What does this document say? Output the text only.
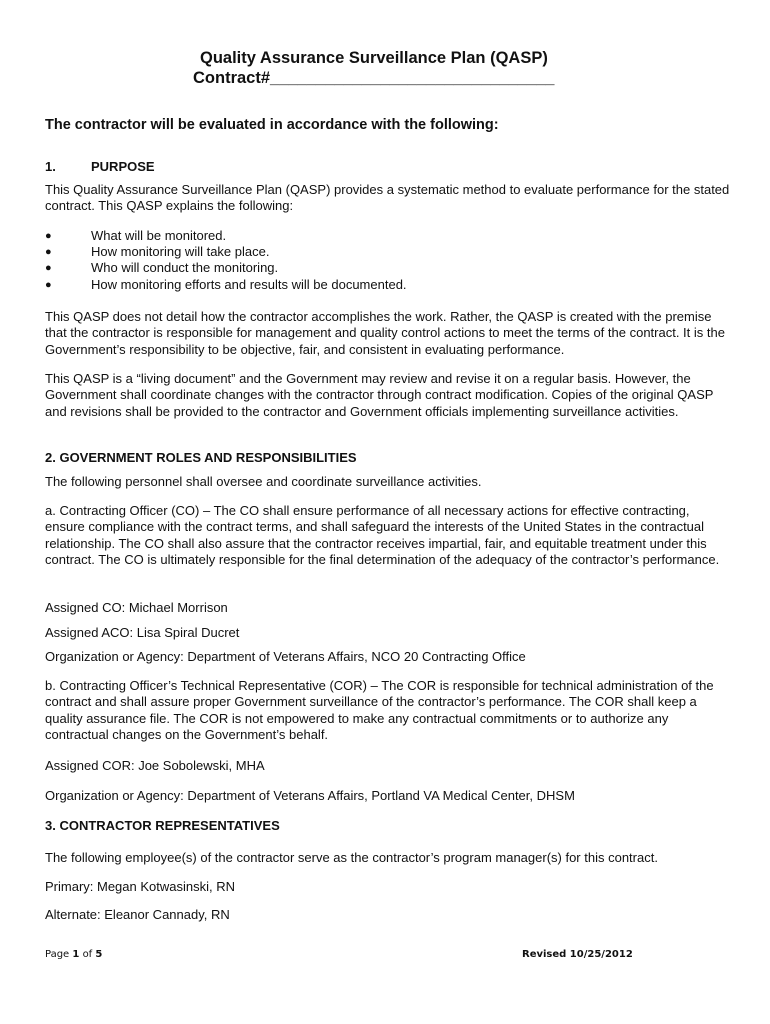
Quality Assurance Surveillance Plan (QASP)
Contract#_______________________________
The contractor will be evaluated in accordance with the following:
1.	PURPOSE
This Quality Assurance Surveillance Plan (QASP) provides a systematic method to evaluate performance for the stated contract. This QASP explains the following:
●	What will be monitored.
●	How monitoring will take place.
●	Who will conduct the monitoring.
●	How monitoring efforts and results will be documented.
This QASP does not detail how the contractor accomplishes the work. Rather, the QASP is created with the premise that the contractor is responsible for management and quality control actions to meet the terms of the contract. It is the Government’s responsibility to be objective, fair, and consistent in evaluating performance.
This QASP is a “living document” and the Government may review and revise it on a regular basis. However, the Government shall coordinate changes with the contractor through contract modification. Copies of the original QASP and revisions shall be provided to the contractor and Government officials implementing surveillance activities.
2. GOVERNMENT ROLES AND RESPONSIBILITIES
The following personnel shall oversee and coordinate surveillance activities.
a. Contracting Officer (CO) – The CO shall ensure performance of all necessary actions for effective contracting, ensure compliance with the contract terms, and shall safeguard the interests of the United States in the contractual relationship. The CO shall also assure that the contractor receives impartial, fair, and equitable treatment under this contract. The CO is ultimately responsible for the final determination of the adequacy of the contractor’s performance.
Assigned CO: Michael Morrison
Assigned ACO: Lisa Spiral Ducret
Organization or Agency: Department of Veterans Affairs, NCO 20 Contracting Office
b. Contracting Officer’s Technical Representative (COR) – The COR is responsible for technical administration of the contract and shall assure proper Government surveillance of the contractor’s performance. The COR shall keep a quality assurance file. The COR is not empowered to make any contractual commitments or to authorize any contractual changes on the Government’s behalf.
Assigned COR: Joe Sobolewski, MHA
Organization or Agency: Department of Veterans Affairs, Portland VA Medical Center, DHSM
3. CONTRACTOR REPRESENTATIVES
The following employee(s) of the contractor serve as the contractor’s program manager(s) for this contract.
Primary: Megan Kotwasinski, RN
Alternate: Eleanor Cannady, RN
Page 1 of 5	Revised 10/25/2012
